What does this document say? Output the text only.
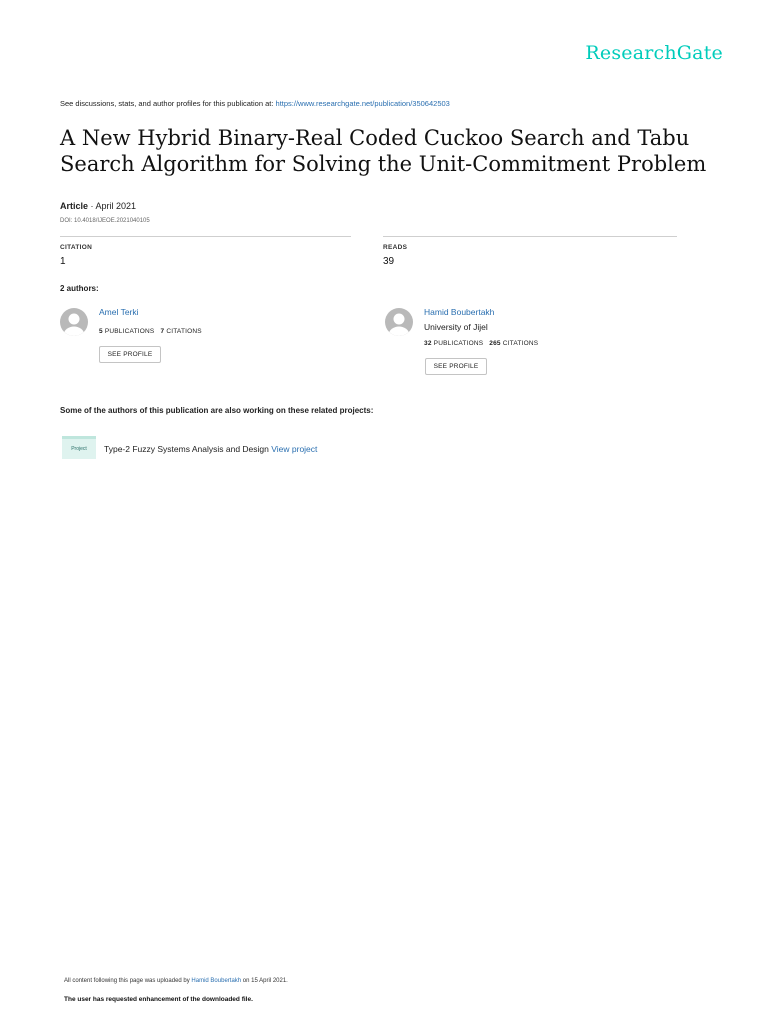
ResearchGate
See discussions, stats, and author profiles for this publication at: https://www.researchgate.net/publication/350642503
A New Hybrid Binary-Real Coded Cuckoo Search and Tabu Search Algorithm for Solving the Unit-Commitment Problem
Article · April 2021
DOI: 10.4018/IJEOE.2021040105
CITATION
1
READS
39
2 authors:
Amel Terki
5 PUBLICATIONS 7 CITATIONS
SEE PROFILE
Hamid Boubertakh
University of Jijel
32 PUBLICATIONS 265 CITATIONS
SEE PROFILE
Some of the authors of this publication are also working on these related projects:
Project	Type-2 Fuzzy Systems Analysis and Design View project
All content following this page was uploaded by Hamid Boubertakh on 15 April 2021.
The user has requested enhancement of the downloaded file.
